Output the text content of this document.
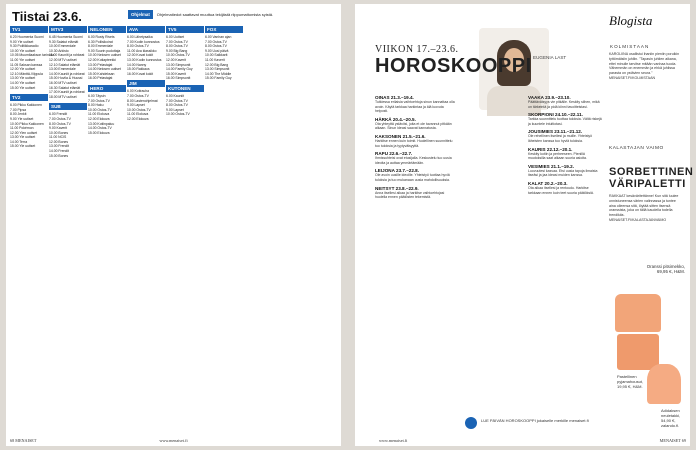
Tiistai 23.6.	Ohjelmat	Ohjelmatiedot saattavat muuttua tekijästä riippumattomista syistä.
TV1
6.20 Huomenta Suomi
9.00 Yle uutiset
9.30 Politiikkaradio
10.00 Yle uutiset
10.05 Muumilaakson tarinoita
11.00 Yle uutiset
11.05 Saksan kanssa
12.00 Yle uutiset
12.10 Mänttä-Vilppula
13.00 Yle uutiset
14.00 Yle uutiset
15.00 Yle uutiset
TV2
6.00 Pikku Kakkonen
7.00 Pipsa
8.00 Jenkit
9.00 Yle uutiset
10.00 Pikku Kakkonen
11.00 Pokémon
12.00 Ylen uutiset
13.00 Yle uutiset
14.00 Terra
15.00 Yle uutiset
MTV3
6.45 Huomenta Suomi
9.30 Salatut elämät
10.00 Emmerdale
10.30 Arkisto
11.00 Kauniit ja rohkeat
12.00 MTV uutiset
12.10 Salatut elämät
13.00 Emmerdale
14.00 Kauniit ja rohkeat
15.00 Huvila & Huussi
16.00 MTV uutiset
16.30 Salatut elämät
17.00 Kauniit ja rohkeat
18.00 MTV uutiset
SUB
6.00 Frendit
7.00 Ostos-TV
8.00 Ostos-TV
9.00 Kaverit
10.00 Bones
11.00 NCIS
12.00 Bones
13.00 Frendit
14.00 Frendit
15.00 Bones
NELONEN
6.00 Rusty Rivets
6.30 Poliisikoirat
8.00 Emmerdale
9.00 Suurin pudottaja
10.00 Nelosen uutiset
12.00 Kotiapteekki
13.00 Pelastajat
14.00 Nelosen uutiset
15.00 Kahdeksan
16.00 Pelastajat
HERO
6.00 Täysin
7.00 Ostos-TV
8.00 Haku
10.00 Ostos-TV
11.00 Elokuva
12.00 Elokuva
13.00 Kotiinpaluu
14.00 Ostos-TV
15.00 Elokuva
AVA
6.00 Lähetysaika
7.00 Kodin kunnostus
8.00 Ostos-TV
11.00 Ava klassikko
12.00 Kovat kokit
13.00 Kodin kunnostus
14.00 Nanny
15.00 Rakkaus
16.00 Kovat kokit
JIM
6.00 Kotirauha
7.00 Ostos-TV
8.00 Lastenohjelmat
9.00 Lapset
10.00 Ostos-TV
11.00 Elokuva
12.00 Elokuva
TV5
6.00 Uutiset
7.00 Ostos-TV
8.00 Ostos-TV
9.00 Big Bang
10.00 Ostos-TV
12.00 Kaverit
13.00 Simpsonit
14.00 Family Guy
15.00 Kaverit
16.00 Simpsonit
KUTONEN
6.00 Kauniit
7.00 Ostos-TV
8.00 Ostos-TV
9.00 Lapset
10.00 Ostos-TV
FOX
6.00 Vanhan ajan
7.00 Ostos-TV
8.00 Ostos-TV
9.00 Uusi päivä
10.00 Salkkarit
11.00 Kaverit
12.00 Big Bang
13.00 Simpsonit
14.00 The Middle
15.00 Family Guy
68 MENAISET	www.menaiset.fi
VIIKON 17.–23.6.
HOROSKOOPPI EUGENIA LAST
OINAS 21.3.–19.4.
Tutkiessa erilaisia vaihtoehtoja sinun kannattaa olla avoin. Käytä tarkkaa harkintaa ja älä luovuta helposti.
HÄRKÄ 20.4.–20.5.
Ota yhteyttä ystäviisi, joita et ole tavannut pitkään aikaan. Sinun ideasi saavat kannatusta.
KAKSONEN 21.5.–21.6.
Harkitse ennen kuin toimit. Huolellinen suunnittelu tuo tuloksia ja tyytyväisyyttä.
RAPU 22.6.–22.7.
Ihmissuhteisi ovat etusijalla. Keskustelu tuo uusia ideoita ja auttaa ymmärtämään.
LEIJONA 23.7.–22.8.
Ole avoin uusille ideoille. Yhteistyö tuottaa hyviä tuloksia ja tuo mukanaan uusia mahdollisuuksia.
NEITSYT 23.8.–22.9.
Anna itsellesi aikaa ja harkitse vaihtoehtojasi huolella ennen päätösten tekemistä.
VAAKA 23.9.–23.10.
Päättäväisyys vie pitkälle. Keskity siihen, mikä on tärkeintä ja pidä kiinni tavoitteistasi.
SKORPIONI 24.10.–22.11.
Tarkka suunnittelu tuottaa tuloksia. Vältä riskejä ja kuuntele intuitiotasi.
JOUSIMIES 23.11.–21.12.
Ole rehellinen itsellesi ja muille. Yhteistyö läheisten kanssa tuo hyviä tuloksia.
KAURIS 22.12.–20.1.
Keskity kotiin ja perheeseen. Pienillä muutoksilla saat aikaan suuria asioita.
VESIMIES 21.1.–19.2.
Luovuutesi kasvaa. Etsi uusia tapoja ilmaista itseäsi ja jaa ideasi muiden kanssa.
KALAT 20.2.–20.3.
Ota aikaa itsellesi ja rentoudu. Harkitse tarkkaan ennen kuin teet suuria päätöksiä.
Blogista
KOLMISTAAN
KAROLIINA osallistui ihaniin pieniin poruikin tyttömäisiin juhliin. "Tapasin juhlien aikana, ettei minulle tarvitse mitään vanhaa tuoda. Vähemmän on enemmän ja ehkä juhlissa parasta on ystävien seura." MENAISET.FI/KOLMISTAAN
KALASTAJAN VAIMO
SORBETTINEN VÄRIPALETTI
RAKKAAT kesäväritettänne! Kun sitä luulee onnistuneensa värien valinnassa ja tuntee aina olleensa sitä, löytää sitten itsensä oranssista, joka on tällä kaudella todella trendikäs. MENAISET.FI/KALASTAJANVAIMO
Oranssi pitsimekko, 69,95 €, H&M.
Pastellinen pyjamahousut, 19,95 €, H&M.
Adidaksen neuletakki, 54,90 €, zalando.fi.
LUE PÄIVÄN HOROSKOOPPI jokaiselle merkille menaiset.fi
www.menaiset.fi	MENAISET 69
